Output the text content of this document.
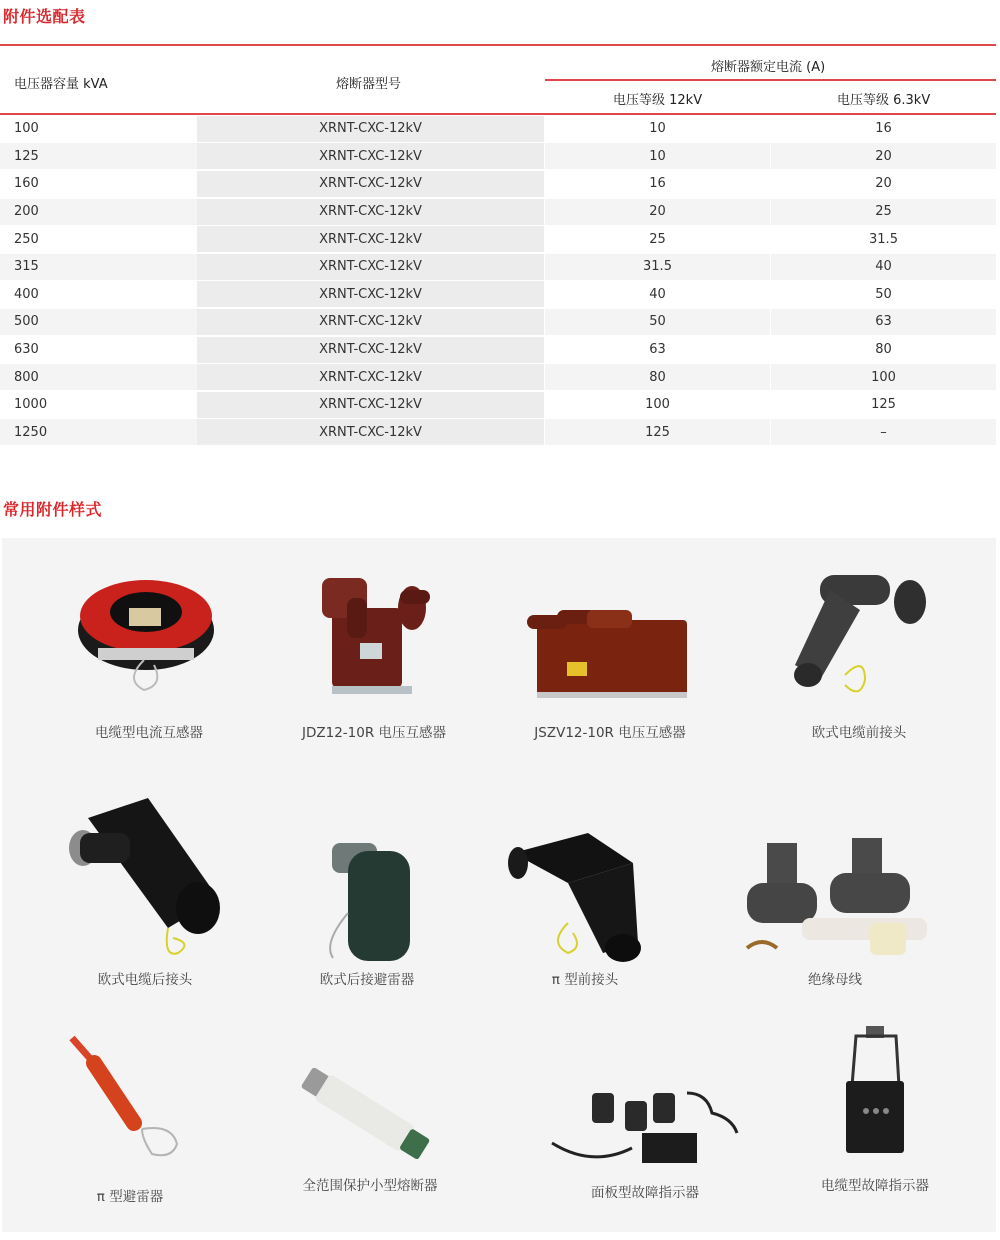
附件选配表
电压器容量 kVA	熔断器型号
熔断器额定电流 (A)
电压等级 12kV	电压等级 6.3kV
100	XRNT-CXC-12kV	10	16
125	XRNT-CXC-12kV	10	20
160	XRNT-CXC-12kV	16	20
200	XRNT-CXC-12kV	20	25
250	XRNT-CXC-12kV	25	31.5
315	XRNT-CXC-12kV	31.5	40
400	XRNT-CXC-12kV	40	50
500	XRNT-CXC-12kV	50	63
630	XRNT-CXC-12kV	63	80
800	XRNT-CXC-12kV	80	100
1000	XRNT-CXC-12kV	100	125
1250	XRNT-CXC-12kV	125	–
常用附件样式
电缆型电流互感器	JDZ12-10R 电压互感器	JSZV12-10R 电压互感器	欧式电缆前接头
欧式电缆后接头	欧式后接避雷器	π 型前接头	绝缘母线
π 型避雷器
全范围保护小型熔断器	面板型故障指示器	电缆型故障指示器
